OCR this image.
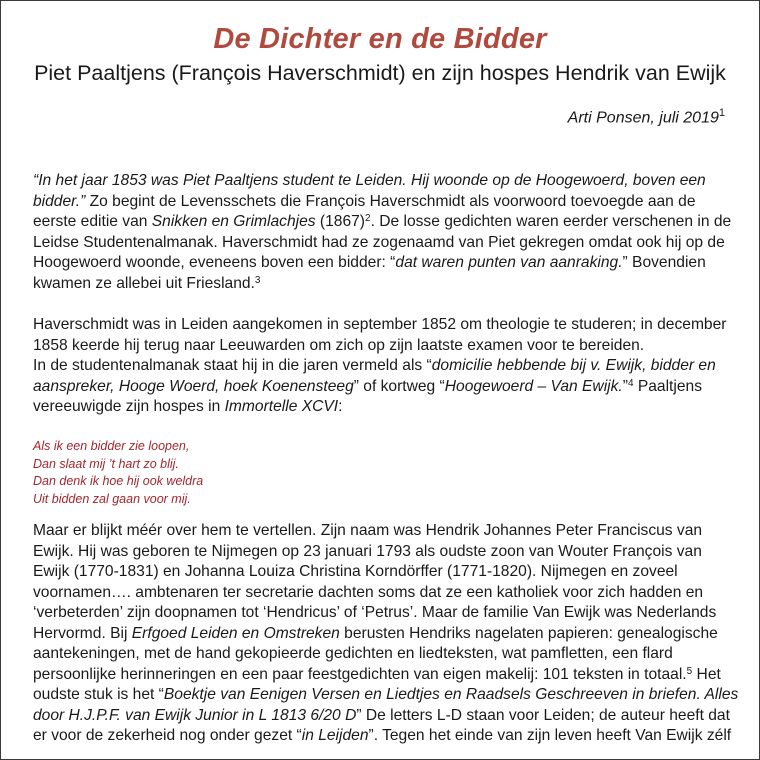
De Dichter en de Bidder
Piet Paaltjens (François Haverschmidt) en zijn hospes Hendrik van Ewijk
Arti Ponsen, juli 2019$^1$
“In het jaar 1853 was Piet Paaltjens student te Leiden. Hij woonde op de Hoogewoerd, boven een
bidder.” Zo begint de Levensschets die François Haverschmidt als voorwoord toevoegde aan de
eerste editie van Snikken en Grimlachjes $(1867)^2$. De losse gedichten waren eerder verschenen in de
Leidse Studentenalmanak. Haverschmidt had ze zogenaamd van Piet gekregen omdat ook hij op de
Hoogewoerd woonde, eveneens boven een bidder: “dat waren punten van aanraking.” Bovendien
kwamen ze allebei uit Friesland.$^3$
Haverschmidt was in Leiden aangekomen in september 1852 om theologie te studeren; in december
1858 keerde hij terug naar Leeuwarden om zich op zijn laatste examen voor te bereiden.
In de studentenalmanak staat hij in die jaren vermeld als “domicilie hebbende bij v. Ewijk, bidder en
aanspreker, Hooge Woerd, hoek Koenensteeg” of kortweg “Hoogewoerd – Van Ewijk.”$^4$ Paaltjens
vereeuwigde zijn hospes in Immortelle XCVI:
Als ik een bidder zie loopen,
Dan slaat mij ’t hart zo blij.
Dan denk ik hoe hij ook weldra
Uit bidden zal gaan voor mij.
Maar er blijkt méér over hem te vertellen. Zijn naam was Hendrik Johannes Peter Franciscus van
Ewijk. Hij was geboren te Nijmegen op 23 januari 1793 als oudste zoon van Wouter François van
Ewijk (1770-1831) en Johanna Louiza Christina Korndörffer (1771-1820). Nijmegen en zoveel
voornamen…. ambtenaren ter secretarie dachten soms dat ze een katholiek voor zich hadden en
‘verbeterden’ zijn doopnamen tot ‘Hendricus’ of ‘Petrus’. Maar de familie Van Ewijk was Nederlands
Hervormd. Bij Erfgoed Leiden en Omstreken berusten Hendriks nagelaten papieren: genealogische
aantekeningen, met de hand gekopieerde gedichten en liedteksten, wat pamfletten, een flard
persoonlijke herinneringen en een paar feestgedichten van eigen makelij: 101 teksten in totaal.$^5$ Het
oudste stuk is het “Boektje van Eenigen Versen en Liedtjes en Raadsels Geschreeven in briefen. Alles
door H.J.P.F. van Ewijk Junior in L 1813 6/20 D” De letters L-D staan voor Leiden; de auteur heeft dat
er voor de zekerheid nog onder gezet “in Leijden”. Tegen het einde van zijn leven heeft Van Ewijk zélf
